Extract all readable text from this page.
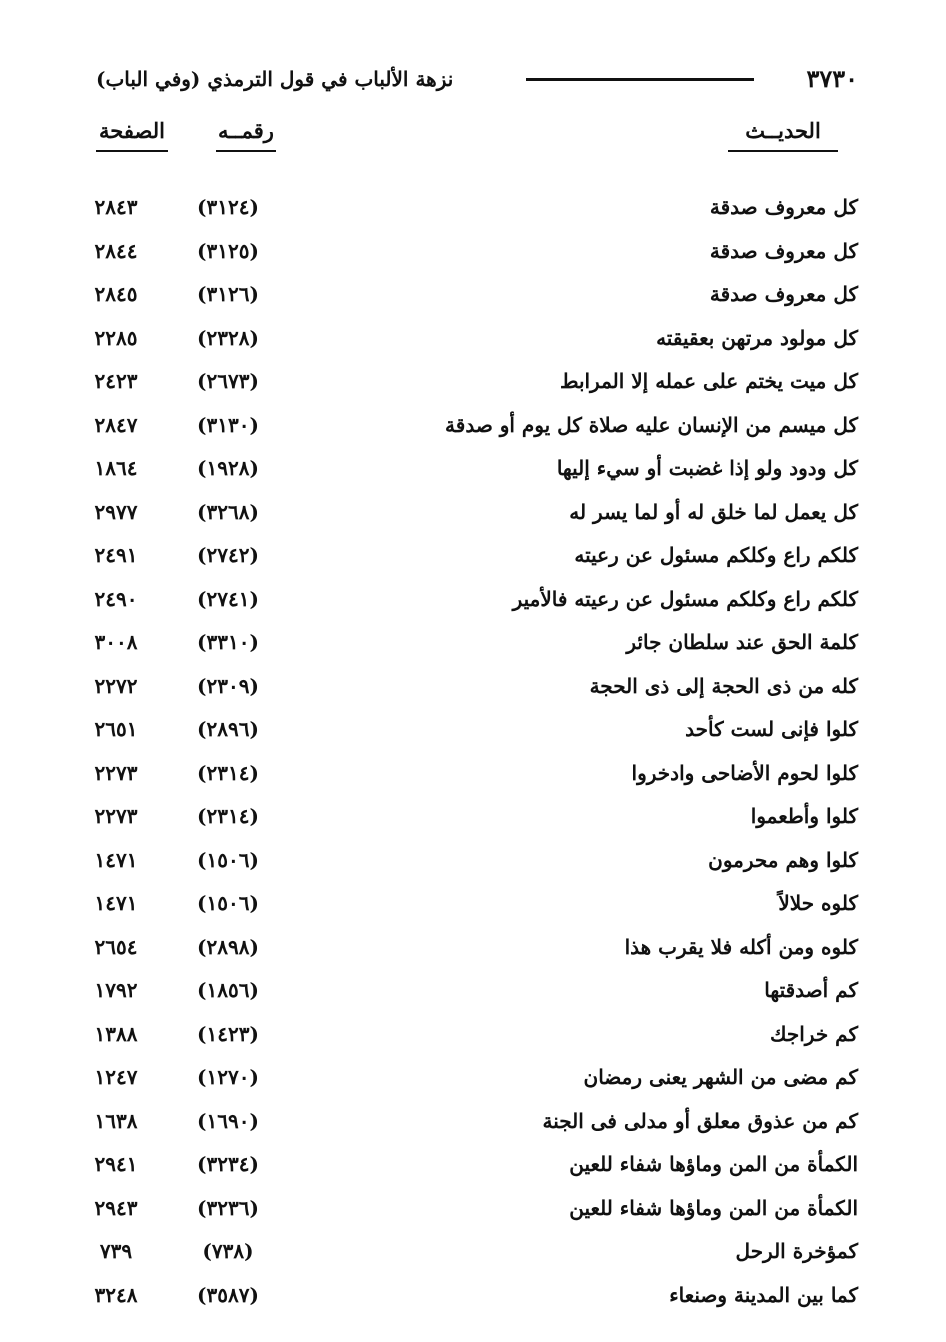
٣٧٣٠
نزهة الألباب في قول الترمذي (وفي الباب)
الحديــث
رقمــه
الصفحة
كل معروف صدقة
(٣١٢٤)
٢٨٤٣
كل معروف صدقة
(٣١٢٥)
٢٨٤٤
كل معروف صدقة
(٣١٢٦)
٢٨٤٥
كل مولود مرتهن بعقيقته
(٢٣٢٨)
٢٢٨٥
كل ميت يختم على عمله إلا المرابط
(٢٦٧٣)
٢٤٢٣
كل ميسم من الإنسان عليه صلاة كل يوم أو صدقة
(٣١٣٠)
٢٨٤٧
كل ودود ولو إذا غضبت أو سيء إليها
(١٩٢٨)
١٨٦٤
كل يعمل لما خلق له أو لما يسر له
(٣٢٦٨)
٢٩٧٧
كلكم راع وكلكم مسئول عن رعيته
(٢٧٤٢)
٢٤٩١
كلكم راع وكلكم مسئول عن رعيته فالأمير
(٢٧٤١)
٢٤٩٠
كلمة الحق عند سلطان جائر
(٣٣١٠)
٣٠٠٨
كله من ذى الحجة إلى ذى الحجة
(٢٣٠٩)
٢٢٧٢
كلوا فإنى لست كأحد
(٢٨٩٦)
٢٦٥١
كلوا لحوم الأضاحى وادخروا
(٢٣١٤)
٢٢٧٣
كلوا وأطعموا
(٢٣١٤)
٢٢٧٣
كلوا وهم محرمون
(١٥٠٦)
١٤٧١
كلوه حلالاً
(١٥٠٦)
١٤٧١
كلوه ومن أكله فلا يقرب هذا
(٢٨٩٨)
٢٦٥٤
كم أصدقتها
(١٨٥٦)
١٧٩٢
كم خراجك
(١٤٢٣)
١٣٨٨
كم مضى من الشهر يعنى رمضان
(١٢٧٠)
١٢٤٧
كم من عذوق معلق أو مدلى فى الجنة
(١٦٩٠)
١٦٣٨
الكمأة من المن وماؤها شفاء للعين
(٣٢٣٤)
٢٩٤١
الكمأة من المن وماؤها شفاء للعين
(٣٢٣٦)
٢٩٤٣
كمؤخرة الرحل
(٧٣٨)
٧٣٩
كما بين المدينة وصنعاء
(٣٥٨٧)
٣٢٤٨
